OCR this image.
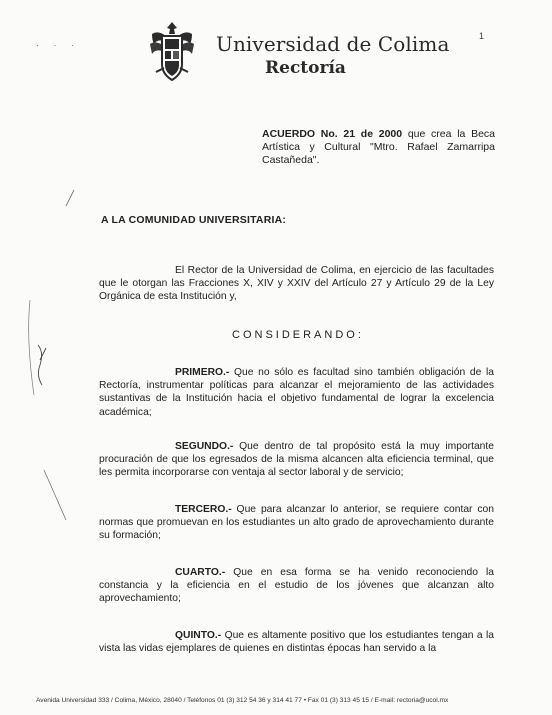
Universidad de Colima
Rectoría
1
· · ·
ACUERDO No. 21 de 2000 que crea la Beca Artística y Cultural "Mtro. Rafael Zamarripa Castañeda".
A LA COMUNIDAD UNIVERSITARIA:
El Rector de la Universidad de Colima, en ejercicio de las facultades que le otorgan las Fracciones X, XIV y XXIV del Artículo 27 y Artículo 29 de la Ley Orgánica de esta Institución y,
CONSIDERANDO:
PRIMERO.- Que no sólo es facultad sino también obligación de la Rectoría, instrumentar políticas para alcanzar el mejoramiento de las actividades sustantivas de la Institución hacia el objetivo fundamental de lograr la excelencia académica;
SEGUNDO.- Que dentro de tal propósito está la muy importante procuración de que los egresados de la misma alcancen alta eficiencia terminal, que les permita incorporarse con ventaja al sector laboral y de servicio;
TERCERO.- Que para alcanzar lo anterior, se requiere contar con normas que promuevan en los estudiantes un alto grado de aprovechamiento durante su formación;
CUARTO.- Que en esa forma se ha venido reconociendo la constancia y la eficiencia en el estudio de los jóvenes que alcanzan alto aprovechamiento;
QUINTO.- Que es altamente positivo que los estudiantes tengan a la vista las vidas ejemplares de quienes en distintas épocas han servido a la
Avenida Universidad 333 / Colima, México, 28040 / Teléfonos 01 (3) 312 54 36 y 314 41 77 • Fax 01 (3) 313 45 15 / E-mail: rectoria@ucol.mx
